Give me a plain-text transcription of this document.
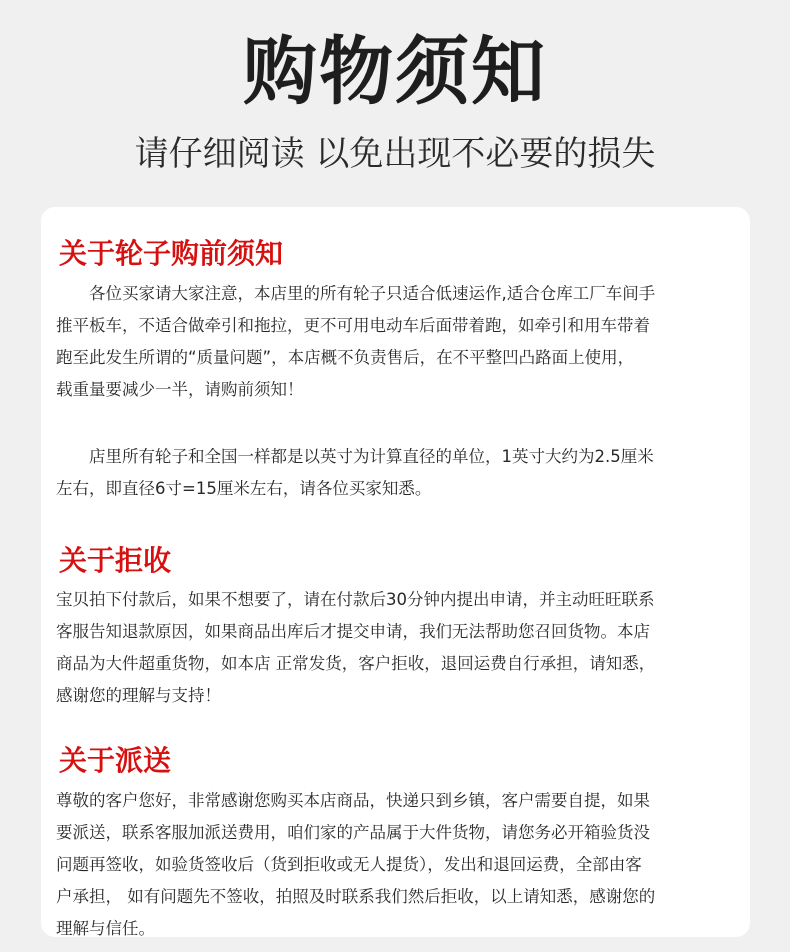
购物须知
请仔细阅读 以免出现不必要的损失
关于轮子购前须知
各位买家请大家注意，本店里的所有轮子只适合低速运作,适合仓库工厂车间手
推平板车，不适合做牵引和拖拉，更不可用电动车后面带着跑，如牵引和用车带着
跑至此发生所谓的“质量问题”，本店概不负责售后，在不平整凹凸路面上使用，
载重量要减少一半，请购前须知！
店里所有轮子和全国一样都是以英寸为计算直径的单位，1英寸大约为2.5厘米
左右，即直径6寸=15厘米左右，请各位买家知悉。
关于拒收
宝贝拍下付款后，如果不想要了，请在付款后30分钟内提出申请，并主动旺旺联系
客服告知退款原因，如果商品出库后才提交申请，我们无法帮助您召回货物。本店
商品为大件超重货物，如本店 正常发货，客户拒收，退回运费自行承担，请知悉，
感谢您的理解与支持！
关于派送
尊敬的客户您好，非常感谢您购买本店商品，快递只到乡镇，客户需要自提，如果
要派送，联系客服加派送费用，咱们家的产品属于大件货物，请您务必开箱验货没
问题再签收，如验货签收后（货到拒收或无人提货），发出和退回运费，全部由客
户承担， 如有问题先不签收，拍照及时联系我们然后拒收，以上请知悉，感谢您的
理解与信任。
